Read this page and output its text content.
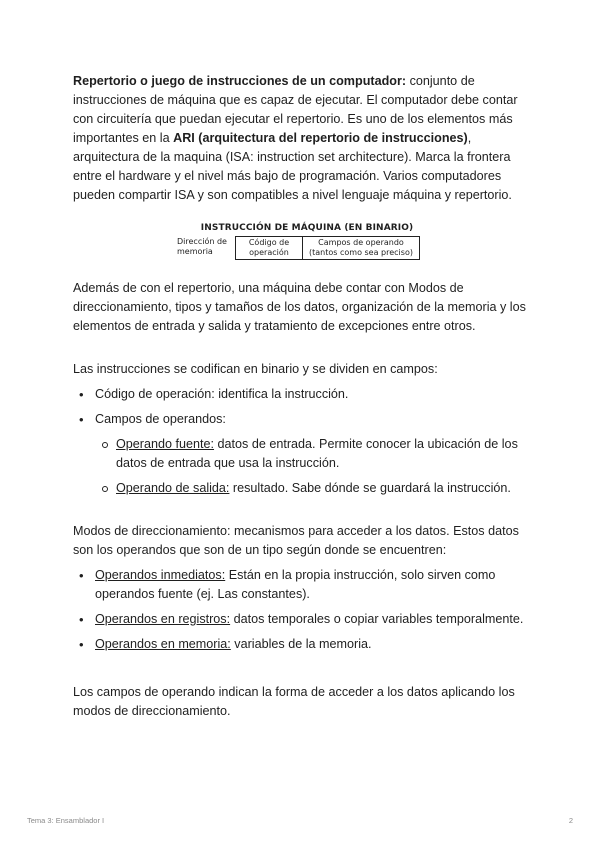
Repertorio o juego de instrucciones de un computador: conjunto de instrucciones de máquina que es capaz de ejecutar. El computador debe contar con circuitería que puedan ejecutar el repertorio. Es uno de los elementos más importantes en la ARI (arquitectura del repertorio de instrucciones), arquitectura de la maquina (ISA: instruction set architecture). Marca la frontera entre el hardware y el nivel más bajo de programación. Varios computadores pueden compartir ISA y son compatibles a nivel lenguaje máquina y repertorio.

INSTRUCCIÓN DE MÁQUINA (EN BINARIO)
Dirección de memoria
Código de operación
Campos de operando (tantos como sea preciso)

Además de con el repertorio, una máquina debe contar con Modos de direccionamiento, tipos y tamaños de los datos, organización de la memoria y los elementos de entrada y salida y tratamiento de excepciones entre otros.

Las instrucciones se codifican en binario y se dividen en campos:

• Código de operación: identifica la instrucción.
• Campos de operandos:
Operando fuente: datos de entrada. Permite conocer la ubicación de los datos de entrada que usa la instrucción.
Operando de salida: resultado. Sabe dónde se guardará la instrucción.

Modos de direccionamiento: mecanismos para acceder a los datos. Estos datos son los operandos que son de un tipo según donde se encuentren:

• Operandos inmediatos: Están en la propia instrucción, solo sirven como operandos fuente (ej. Las constantes).
• Operandos en registros: datos temporales o copiar variables temporalmente.
• Operandos en memoria: variables de la memoria.

Los campos de operando indican la forma de acceder a los datos aplicando los modos de direccionamiento.

Tema 3: Ensamblador I	2
